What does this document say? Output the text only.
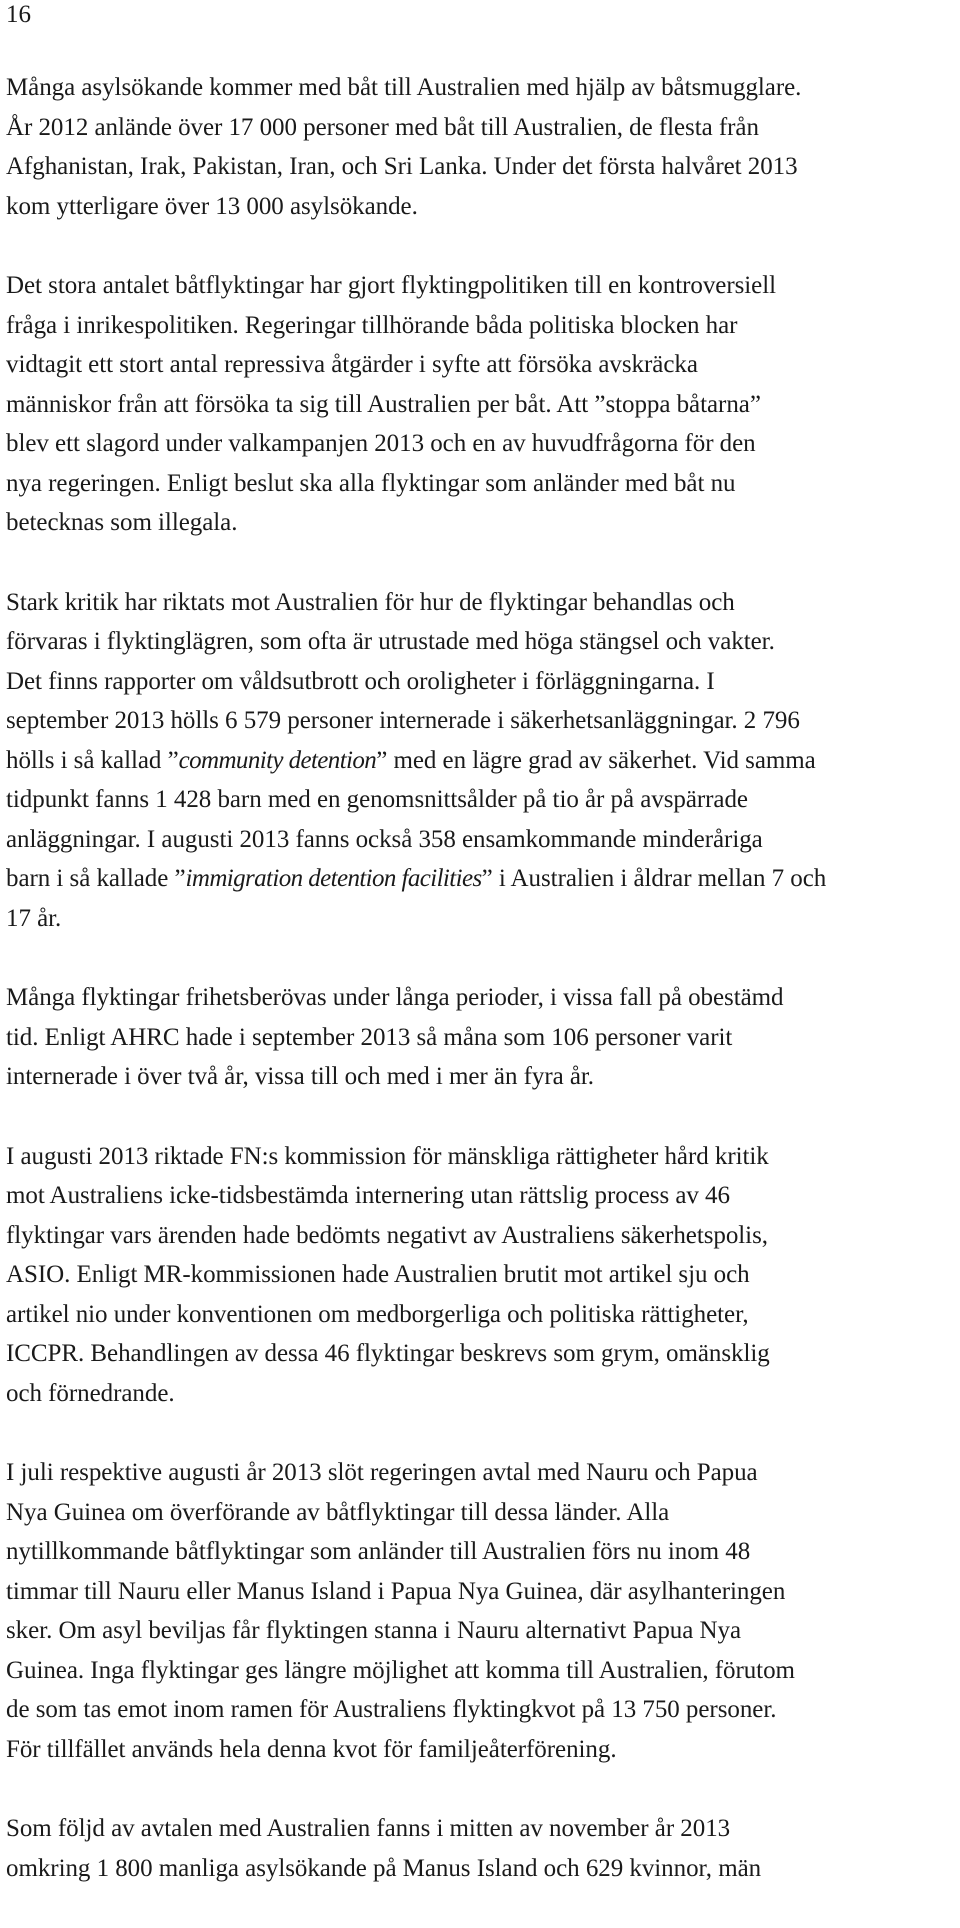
16

Många asylsökande kommer med båt till Australien med hjälp av båtsmugglare.
År 2012 anlände över 17 000 personer med båt till Australien, de flesta från
Afghanistan, Irak, Pakistan, Iran, och Sri Lanka. Under det första halvåret 2013
kom ytterligare över 13 000 asylsökande.

Det stora antalet båtflyktingar har gjort flyktingpolitiken till en kontroversiell
fråga i inrikespolitiken. Regeringar tillhörande båda politiska blocken har
vidtagit ett stort antal repressiva åtgärder i syfte att försöka avskräcka
människor från att försöka ta sig till Australien per båt. Att ”stoppa båtarna”
blev ett slagord under valkampanjen 2013 och en av huvudfrågorna för den
nya regeringen. Enligt beslut ska alla flyktingar som anländer med båt nu
betecknas som illegala.

Stark kritik har riktats mot Australien för hur de flyktingar behandlas och
förvaras i flyktinglägren, som ofta är utrustade med höga stängsel och vakter.
Det finns rapporter om våldsutbrott och oroligheter i förläggningarna. I
september 2013 hölls 6 579 personer internerade i säkerhetsanläggningar. 2 796
hölls i så kallad ”community detention” med en lägre grad av säkerhet. Vid samma
tidpunkt fanns 1 428 barn med en genomsnittsålder på tio år på avspärrade
anläggningar. I augusti 2013 fanns också 358 ensamkommande minderåriga
barn i så kallade ”immigration detention facilities” i Australien i åldrar mellan 7 och
17 år.

Många flyktingar frihetsberövas under långa perioder, i vissa fall på obestämd
tid. Enligt AHRC hade i september 2013 så måna som 106 personer varit
internerade i över två år, vissa till och med i mer än fyra år.

I augusti 2013 riktade FN:s kommission för mänskliga rättigheter hård kritik
mot Australiens icke-tidsbestämda internering utan rättslig process av 46
flyktingar vars ärenden hade bedömts negativt av Australiens säkerhetspolis,
ASIO. Enligt MR-kommissionen hade Australien brutit mot artikel sju och
artikel nio under konventionen om medborgerliga och politiska rättigheter,
ICCPR. Behandlingen av dessa 46 flyktingar beskrevs som grym, omänsklig
och förnedrande.

I juli respektive augusti år 2013 slöt regeringen avtal med Nauru och Papua
Nya Guinea om överförande av båtflyktingar till dessa länder. Alla
nytillkommande båtflyktingar som anländer till Australien förs nu inom 48
timmar till Nauru eller Manus Island i Papua Nya Guinea, där asylhanteringen
sker. Om asyl beviljas får flyktingen stanna i Nauru alternativt Papua Nya
Guinea. Inga flyktingar ges längre möjlighet att komma till Australien, förutom
de som tas emot inom ramen för Australiens flyktingkvot på 13 750 personer.
För tillfället används hela denna kvot för familjeåterförening.

Som följd av avtalen med Australien fanns i mitten av november år 2013
omkring 1 800 manliga asylsökande på Manus Island och 629 kvinnor, män
